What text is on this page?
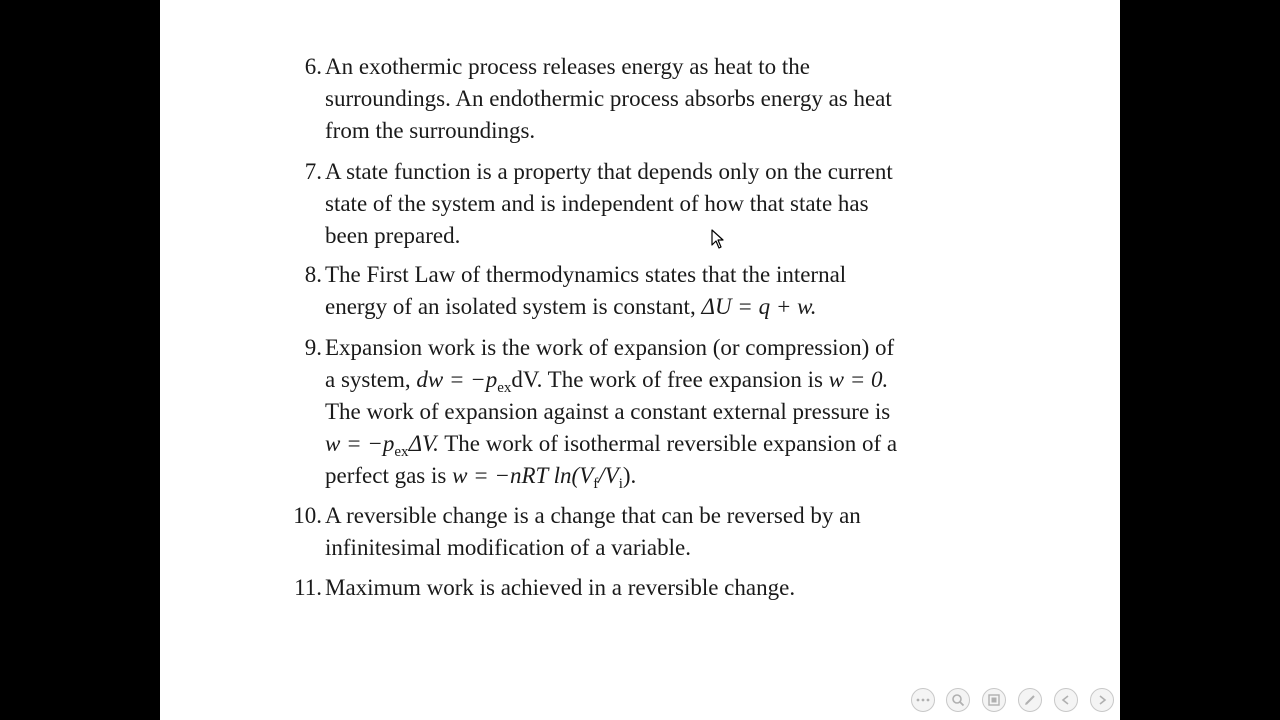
6. An exothermic process releases energy as heat to the
surroundings. An endothermic process absorbs energy as heat
from the surroundings.
7. A state function is a property that depends only on the current
state of the system and is independent of how that state has
been prepared.
8. The First Law of thermodynamics states that the internal
energy of an isolated system is constant, ΔU = q + w.
9. Expansion work is the work of expansion (or compression) of
a system, dw = $-p_{ex}dV$. The work of free expansion is w = 0.
The work of expansion against a constant external pressure is
$w = -p_{ex}\Delta V$. The work of isothermal reversible expansion of a
perfect gas is w = −nRT $\ln(V_f/V_i)$.
10. A reversible change is a change that can be reversed by an
infinitesimal modification of a variable.
11. Maximum work is achieved in a reversible change.
